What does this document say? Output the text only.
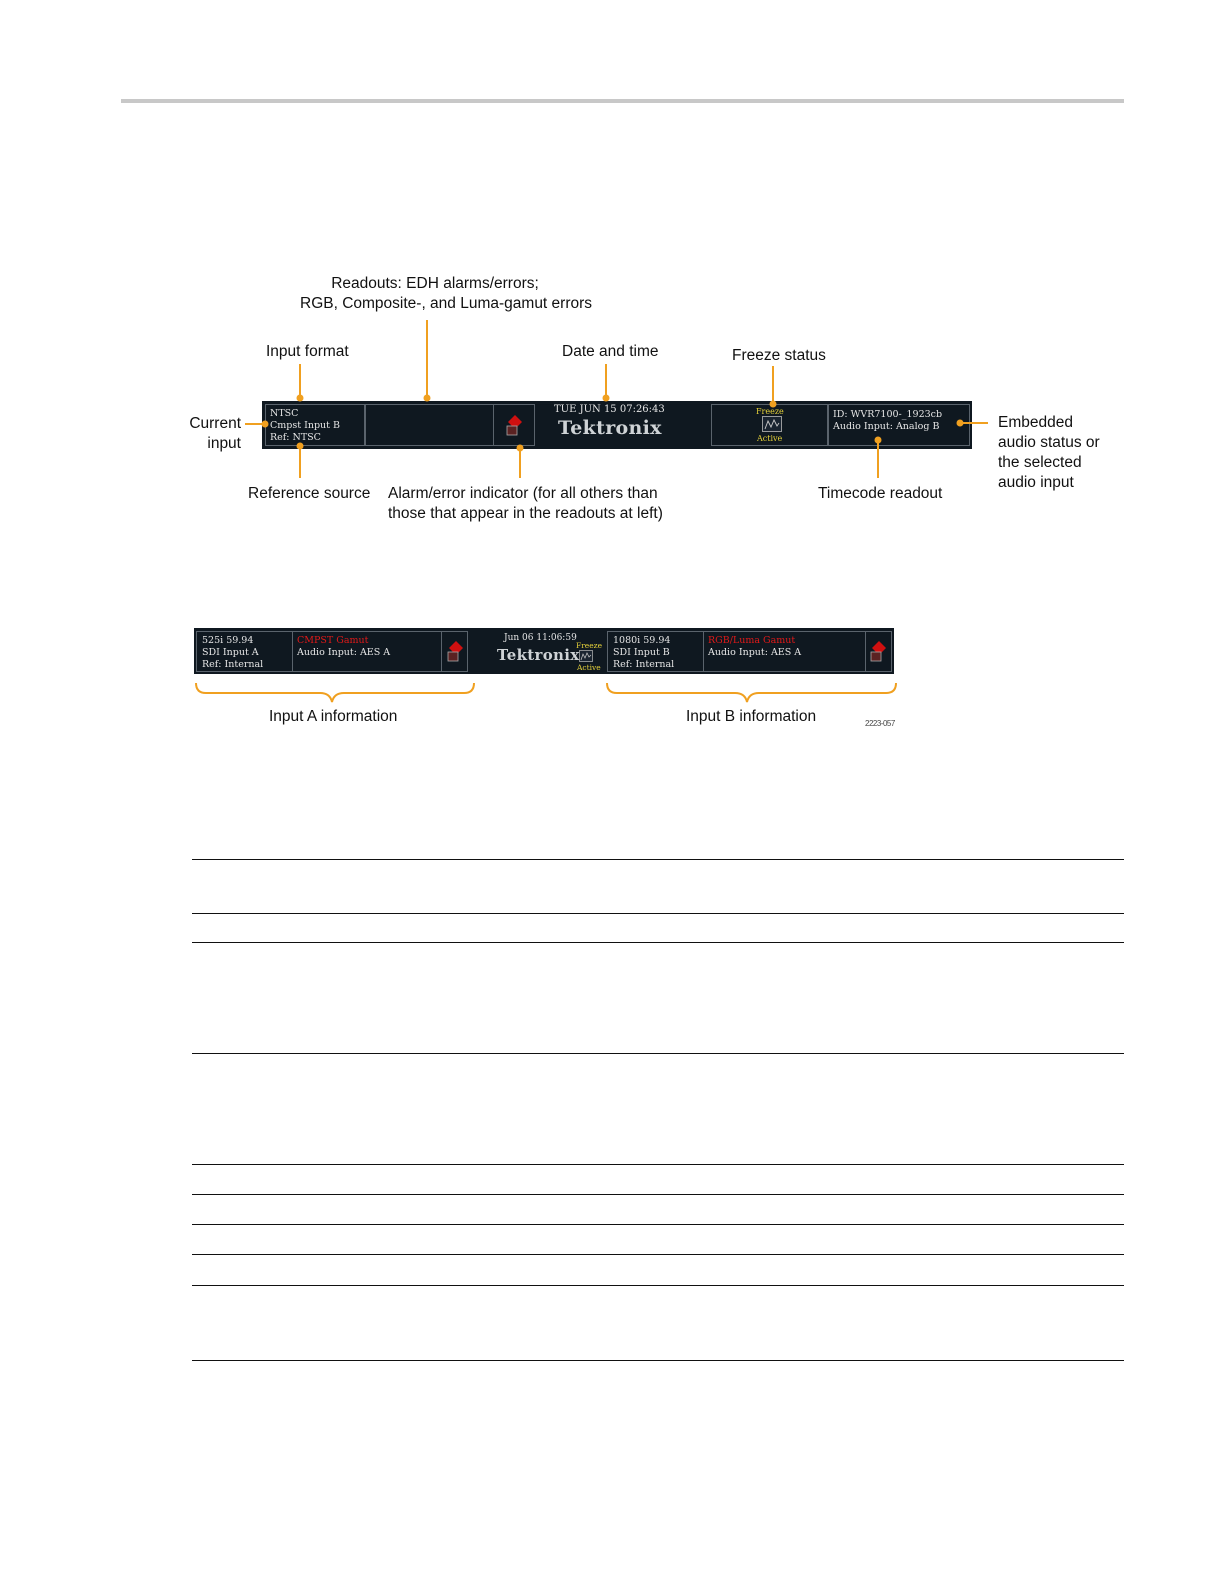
Readouts: EDH alarms/errors;
RGB, Composite-, and Luma-gamut errors
Input format	Date and time	Freeze status
Current
input
Embedded
audio status or
the selected
audio input
Reference source Alarm/error indicator (for all others than
those that appear in the readouts at left)
Timecode readout
NTSC
Cmpst Input B
Ref: NTSC
TUE JUN 15 07:26:43
Tektronix
Freeze
Active
ID: WVR7100-_1923cb
Audio Input: Analog B
525i 59.94
SDI Input A
Ref: Internal
CMPST Gamut
Audio Input: AES A
Jun 06 11:06:59
Tektronix
Freeze
Active
1080i 59.94
SDI Input B
Ref: Internal
RGB/Luma Gamut
Audio Input: AES A
Input A information	Input B information	2223-057
